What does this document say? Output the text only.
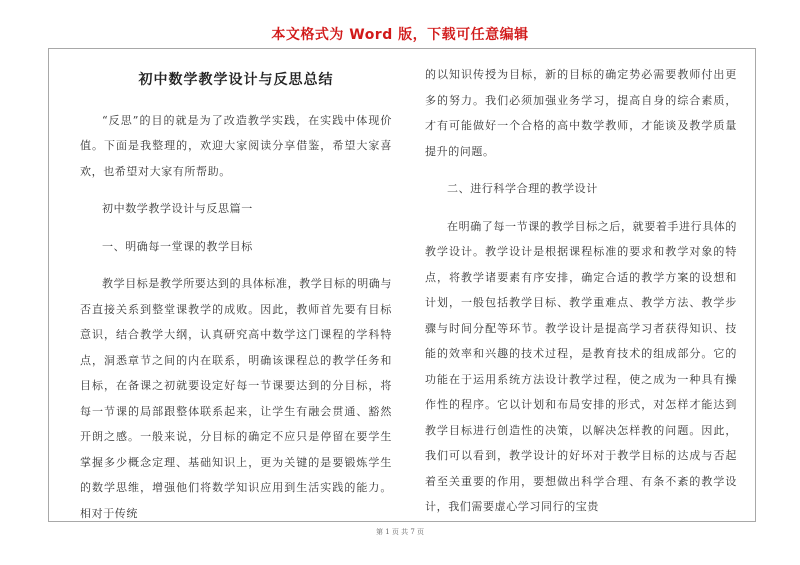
本文格式为 Word 版，下载可任意编辑

初中数学教学设计与反思总结

“反思”的目的就是为了改造教学实践，在实践中体现价值。下面是我整理的，欢迎大家阅读分享借鉴，希望大家喜欢，也希望对大家有所帮助。

初中数学教学设计与反思篇一

一、明确每一堂课的教学目标

教学目标是教学所要达到的具体标准，教学目标的明确与否直接关系到整堂课教学的成败。因此，教师首先要有目标意识，结合教学大纲，认真研究高中数学这门课程的学科特点，洞悉章节之间的内在联系，明确该课程总的教学任务和目标，在备课之初就要设定好每一节课要达到的分目标，将每一节课的局部跟整体联系起来，让学生有融会贯通、豁然开朗之感。一般来说，分目标的确定不应只是停留在要学生掌握多少概念定理、基础知识上，更为关键的是要锻炼学生的数学思维，增强他们将数学知识应用到生活实践的能力。相对于传统

的以知识传授为目标，新的目标的确定势必需要教师付出更多的努力。我们必须加强业务学习，提高自身的综合素质，才有可能做好一个合格的高中数学教师，才能谈及教学质量提升的问题。

二、进行科学合理的教学设计

在明确了每一节课的教学目标之后，就要着手进行具体的教学设计。教学设计是根据课程标准的要求和教学对象的特点，将教学诸要素有序安排，确定合适的教学方案的设想和计划，一般包括教学目标、教学重难点、教学方法、教学步骤与时间分配等环节。教学设计是提高学习者获得知识、技能的效率和兴趣的技术过程，是教育技术的组成部分。它的功能在于运用系统方法设计教学过程，使之成为一种具有操作性的程序。它以计划和布局安排的形式，对怎样才能达到教学目标进行创造性的决策，以解决怎样教的问题。因此，我们可以看到，教学设计的好坏对于教学目标的达成与否起着至关重要的作用，要想做出科学合理、有条不紊的教学设计，我们需要虚心学习同行的宝贵

第 1 页 共 7 页
